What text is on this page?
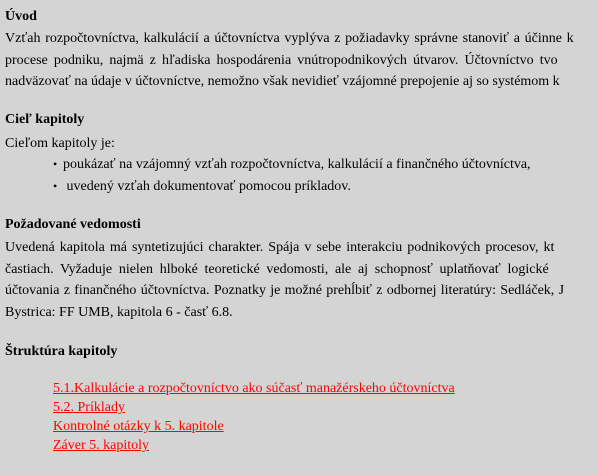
Úvod

Vzťah rozpočtovníctva, kalkulácií a účtovníctva vyplýva z požiadavky správne stanoviť a účinne k
procese podniku, najmä z hľadiska hospodárenia vnútropodnikových útvarov. Účtovníctvo tvo
nadväzovať na údaje v účtovníctve, nemožno však nevidieť vzájomné prepojenie aj so systémom k

Cieľ kapitoly

Cieľom kapitoly je:

• poukázať na vzájomný vzťah rozpočtovníctva, kalkulácií a finančného účtovníctva,
• uvedený vzťah dokumentovať pomocou príkladov.
Požadované vedomosti

Uvedená kapitola má syntetizujúci charakter. Spája v sebe interakciu podnikových procesov, kt
častiach. Vyžaduje nielen hlboké teoretické vedomosti, ale aj schopnosť uplatňovať logické
účtovania z finančného účtovníctva. Poznatky je možné prehĺbiť z odbornej literatúry: Sedláček, J
Bystrica: FF UMB, kapitola 6 - časť 6.8.

Štruktúra kapitoly
5.1.Kalkulácie a rozpočtovníctvo ako súčasť manažérskeho účtovníctva
5.2. Príklady
Kontrolné otázky k 5. kapitole
Záver 5. kapitoly
